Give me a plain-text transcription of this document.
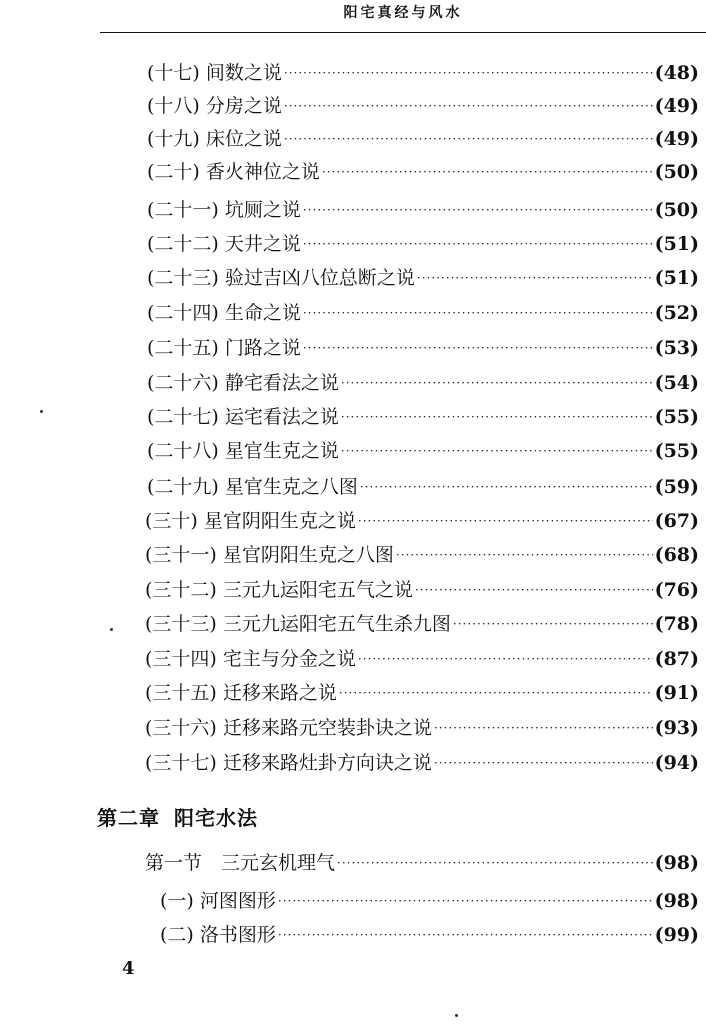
阳宅真经与风水
(十七) 间数之说 ·····	(48)
(十八) 分房之说 ·····	(49)
(十九) 床位之说 ·····	(49)
(二十) 香火神位之说 ·····	(50)
(二十一) 坑厕之说 ·····	(50)
(二十二) 天井之说 ·····	(51)
(二十三) 验过吉凶八位总断之说 ·····	(51)
(二十四) 生命之说 ·····	(52)
(二十五) 门路之说 ·····	(53)
(二十六) 静宅看法之说 ·····	(54)
(二十七) 运宅看法之说 ·····	(55)
(二十八) 星官生克之说 ·····	(55)
(二十九) 星官生克之八图 ·····	(59)
(三十) 星官阴阳生克之说 ·····	(67)
(三十一) 星官阴阳生克之八图 ·····	(68)
(三十二) 三元九运阳宅五气之说 ·····	(76)
(三十三) 三元九运阳宅五气生杀九图 ·····	(78)
(三十四) 宅主与分金之说 ·····	(87)
(三十五) 迁移来路之说 ·····	(91)
(三十六) 迁移来路元空装卦诀之说 ·····	(93)
(三十七) 迁移来路灶卦方向诀之说 ·····	(94)
第二章 阳宅水法
第一节　三元玄机理气 ·····	(98)
(一) 河图图形 ·····	(98)
(二) 洛书图形 ·····	(99)
4
